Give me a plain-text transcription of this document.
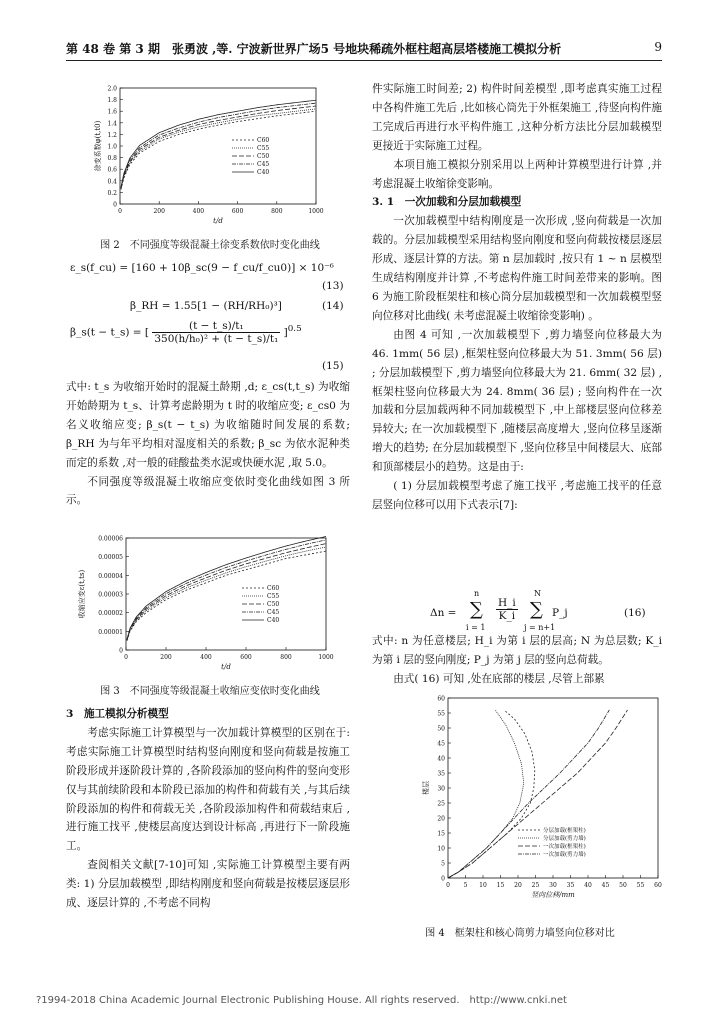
第 48 卷 第 3 期　张勇波 ,等. 宁波新世界广场5 号地块稀疏外框柱超高层塔楼施工模拟分析	9
0
0.2
0.4
0.6
0.8
1.0
1.2
1.4
1.6
1.8
2.0
0	200	400	600	800	1000
t/d
徐变系数φ(t,t0)	C60
C55
C50
C45
C40
图 2　不同强度等级混凝土徐变系数依时变化曲线
ε_s(f_cu) = [160 + 10β_sc(9 − f_cu/f_cu0)] × 10⁻⁶
(13)
β_RH = 1.55[1 − (RH/RH₀)³]	(14)
β_s(t − t_s) = [ $\frac{\text{(t − t\_s)/t₁}}{\text{350(h/h₀)² + (t − t\_s)/t₁}} ]^{0.5}$
(15)

式中: t_s 为收缩开始时的混凝土龄期 ,d; ε_cs(t,t_s) 为收缩开始龄期为 t_s、计算考虑龄期为 t 时的收缩应变; ε_cs0 为名义收缩应变; β_s(t − t_s) 为收缩随时间发展的系数; β_RH 为与年平均相对湿度相关的系数; β_sc 为依水泥种类而定的系数 ,对一般的硅酸盐类水泥或快硬水泥 ,取 5.0。

不同强度等级混凝土收缩应变依时变化曲线如图 3 所示。

0
0.00001
0.00002
0.00003
0.00004
0.00005
0.00006
0	200	400	600	800	1000
t/d
收缩应变ε(t,ts)	C60
C55
C50
C45
C40
图 3　不同强度等级混凝土收缩应变依时变化曲线

3　施工模拟分析模型

考虑实际施工计算模型与一次加载计算模型的区别在于: 考虑实际施工计算模型时结构竖向刚度和竖向荷载是按施工阶段形成并逐阶段计算的 ,各阶段添加的竖向构件的竖向变形仅与其前续阶段和本阶段已添加的构件和荷载有关 ,与其后续阶段添加的构件和荷载无关 ,各阶段添加构件和荷载结束后 ,进行施工找平 ,使楼层高度达到设计标高 ,再进行下一阶段施工。

查阅相关文献[7-10]可知 ,实际施工计算模型主要有两类: 1) 分层加载模型 ,即结构刚度和竖向荷载是按楼层逐层形成、逐层计算的 ,不考虑不同构

件实际施工时间差; 2) 构件时间差模型 ,即考虑真实施工过程中各构件施工先后 ,比如核心筒先于外框架施工 ,待竖向构件施工完成后再进行水平构件施工 ,这种分析方法比分层加载模型更接近于实际施工过程。

本项目施工模拟分别采用以上两种计算模型进行计算 ,并考虑混凝土收缩徐变影响。

3. 1　一次加载和分层加载模型

一次加载模型中结构刚度是一次形成 ,竖向荷载是一次加载的。分层加载模型采用结构竖向刚度和竖向荷载按楼层逐层形成、逐层计算的方法。第 n 层加载时 ,按只有 1 ~ n 层模型生成结构刚度并计算 ,不考虑构件施工时间差带来的影响。图 6 为施工阶段框架柱和核心筒分层加载模型和一次加载模型竖向位移对比曲线( 未考虑混凝土收缩徐变影响) 。

由图 4 可知 ,一次加载模型下 ,剪力墙竖向位移最大为 46. 1mm( 56 层) ,框架柱竖向位移最大为 51. 3mm( 56 层) ; 分层加载模型下 ,剪力墙竖向位移最大为 21. 6mm( 32 层) ,框架柱竖向位移最大为 24. 8mm( 36 层) ; 竖向构件在一次加载和分层加载两种不同加载模型下 ,中上部楼层竖向位移差异较大; 在一次加载模型下 ,随楼层高度增大 ,竖向位移呈逐渐增大的趋势; 在分层加载模型下 ,竖向位移呈中间楼层大、底部和顶部楼层小的趋势。这是由于:

( 1) 分层加载模型考虑了施工找平 ,考虑施工找平的任意层竖向位移可以用下式表示[7]:

Δn =
n
∑
i = 1
$\frac{H\_i}{K\_i}$
N
∑
j = n+1
P_j	(16)

式中: n 为任意楼层; H_i 为第 i 层的层高; N 为总层数; K_i 为第 i 层的竖向刚度; P_j 为第 j 层的竖向总荷载。

由式( 16) 可知 ,处在底部的楼层 ,尽管上部累

0
5
10
15
20
25
30
35
40
45
50
55
60
0 5 10 15 20 25 30 35 40 45 50 55 60
竖向位移/mm
楼层
分层加载(框架柱)
分层加载(剪力墙)
一次加载(框架柱)
一次加载(剪力墙)
图 4　框架柱和核心筒剪力墙竖向位移对比
?1994-2018 China Academic Journal Electronic Publishing House. All rights reserved.　http://www.cnki.net
